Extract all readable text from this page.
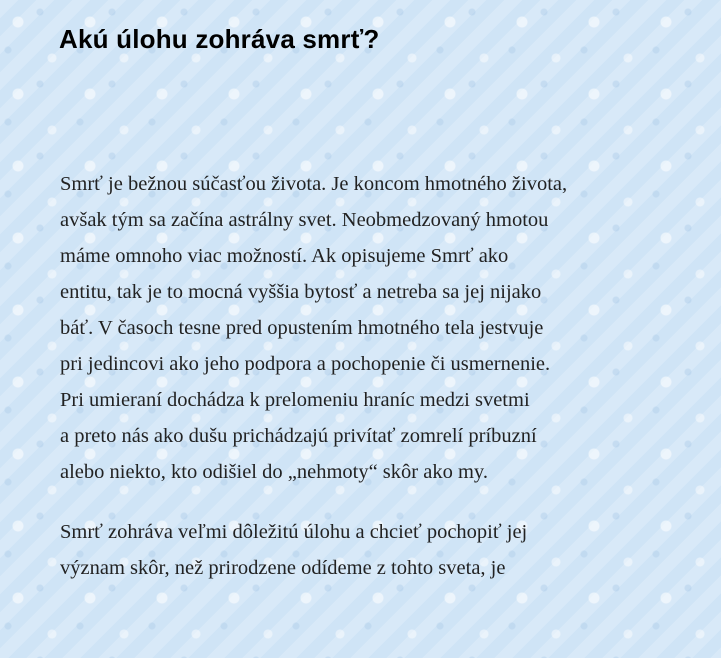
Akú úlohu zohráva smrť?

Smrť je bežnou súčasťou života. Je koncom hmotného života,
avšak tým sa začína astrálny svet. Neobmedzovaný hmotou
máme omnoho viac možností. Ak opisujeme Smrť ako
entitu, tak je to mocná vyššia bytosť a netreba sa jej nijako
báť. V časoch tesne pred opustením hmotného tela jestvuje
pri jedincovi ako jeho podpora a pochopenie či usmernenie.
Pri umieraní dochádza k prelomeniu hraníc medzi svetmi
a preto nás ako dušu prichádzajú privítať zomrelí príbuzní
alebo niekto, kto odišiel do „nehmoty“ skôr ako my.

Smrť zohráva veľmi dôležitú úlohu a chcieť pochopiť jej
význam skôr, než prirodzene odídeme z tohto sveta, je
